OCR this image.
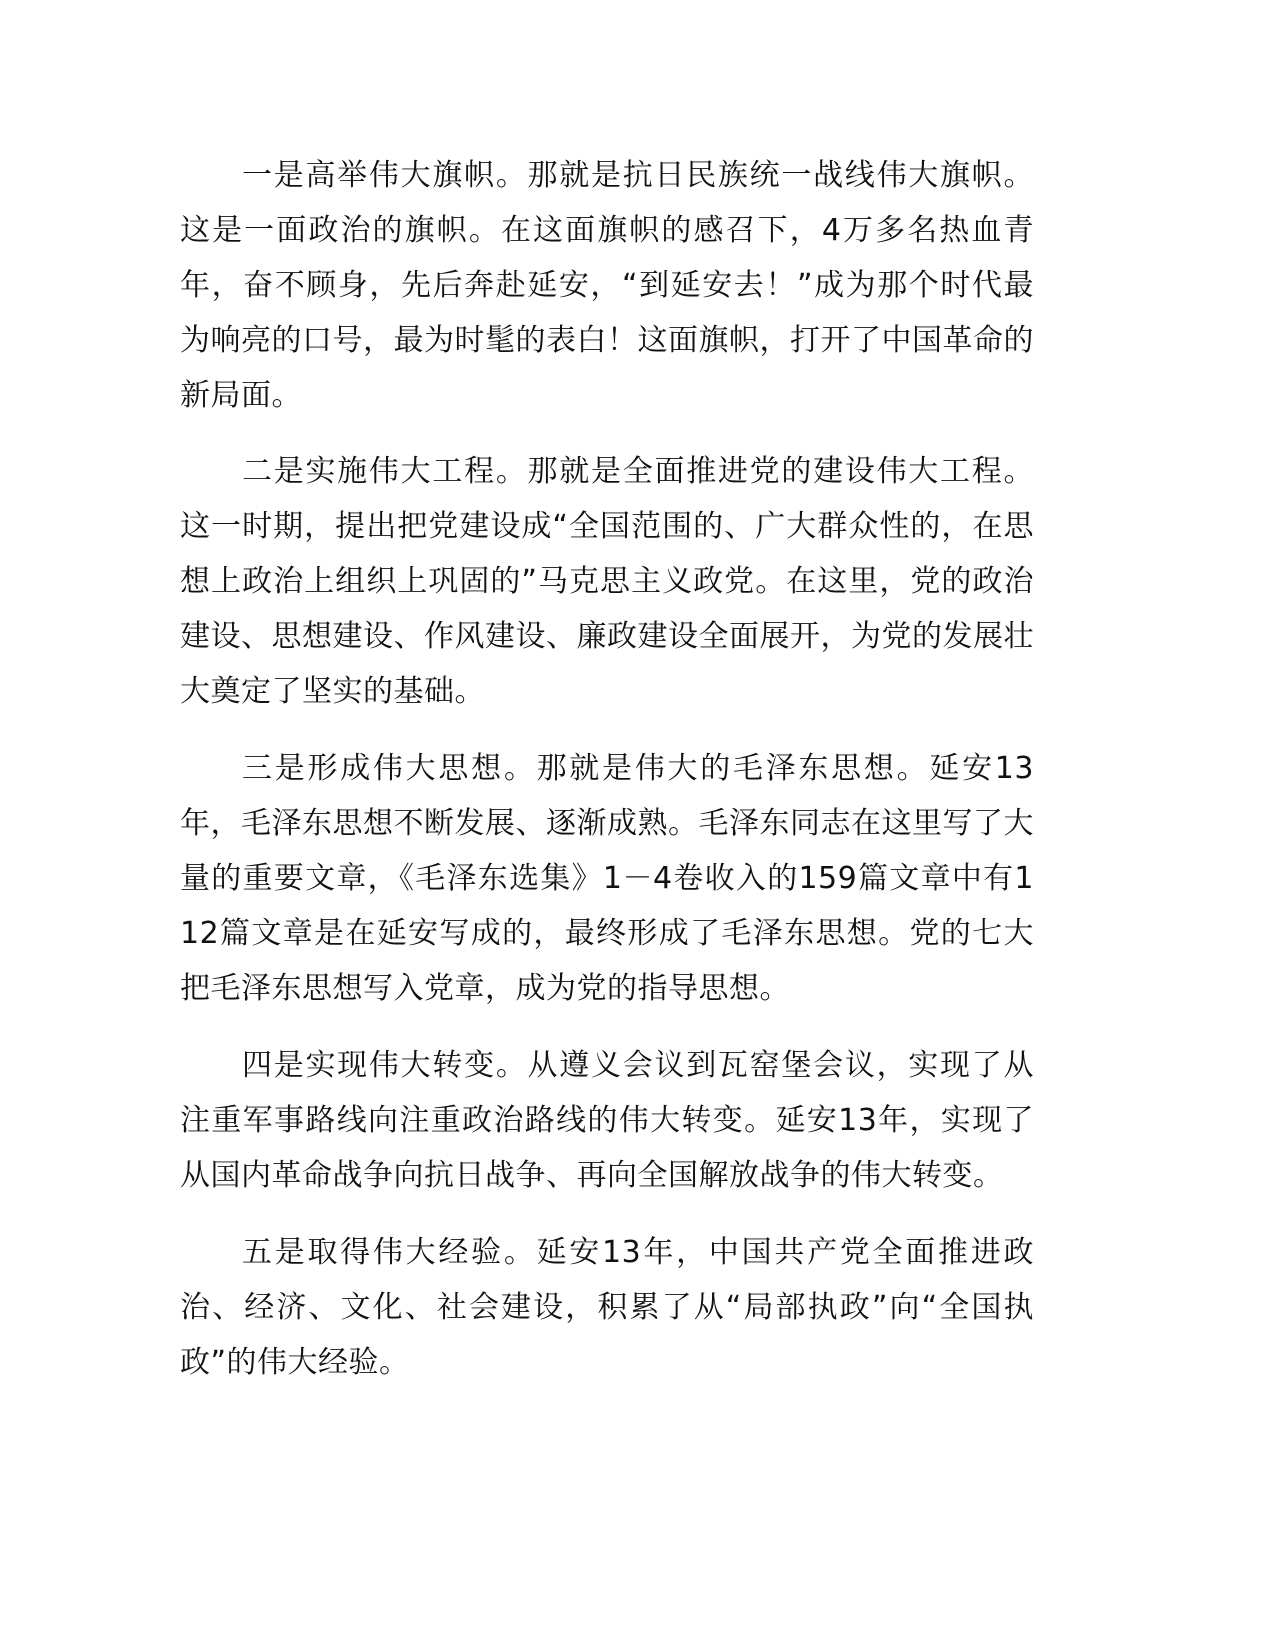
一是高举伟大旗帜。那就是抗日民族统一战线伟大旗帜。这是一面政治的旗帜。在这面旗帜的感召下，4万多名热血青年，奋不顾身，先后奔赴延安，“到延安去！”成为那个时代最为响亮的口号，最为时髦的表白！这面旗帜，打开了中国革命的新局面。

二是实施伟大工程。那就是全面推进党的建设伟大工程。这一时期，提出把党建设成“全国范围的、广大群众性的，在思想上政治上组织上巩固的”马克思主义政党。在这里，党的政治建设、思想建设、作风建设、廉政建设全面展开，为党的发展壮大奠定了坚实的基础。

三是形成伟大思想。那就是伟大的毛泽东思想。延安13年，毛泽东思想不断发展、逐渐成熟。毛泽东同志在这里写了大量的重要文章，《毛泽东选集》1－4卷收入的159篇文章中有112篇文章是在延安写成的，最终形成了毛泽东思想。党的七大把毛泽东思想写入党章，成为党的指导思想。

四是实现伟大转变。从遵义会议到瓦窑堡会议，实现了从注重军事路线向注重政治路线的伟大转变。延安13年，实现了从国内革命战争向抗日战争、再向全国解放战争的伟大转变。

五是取得伟大经验。延安13年，中国共产党全面推进政治、经济、文化、社会建设，积累了从“局部执政”向“全国执政”的伟大经验。
